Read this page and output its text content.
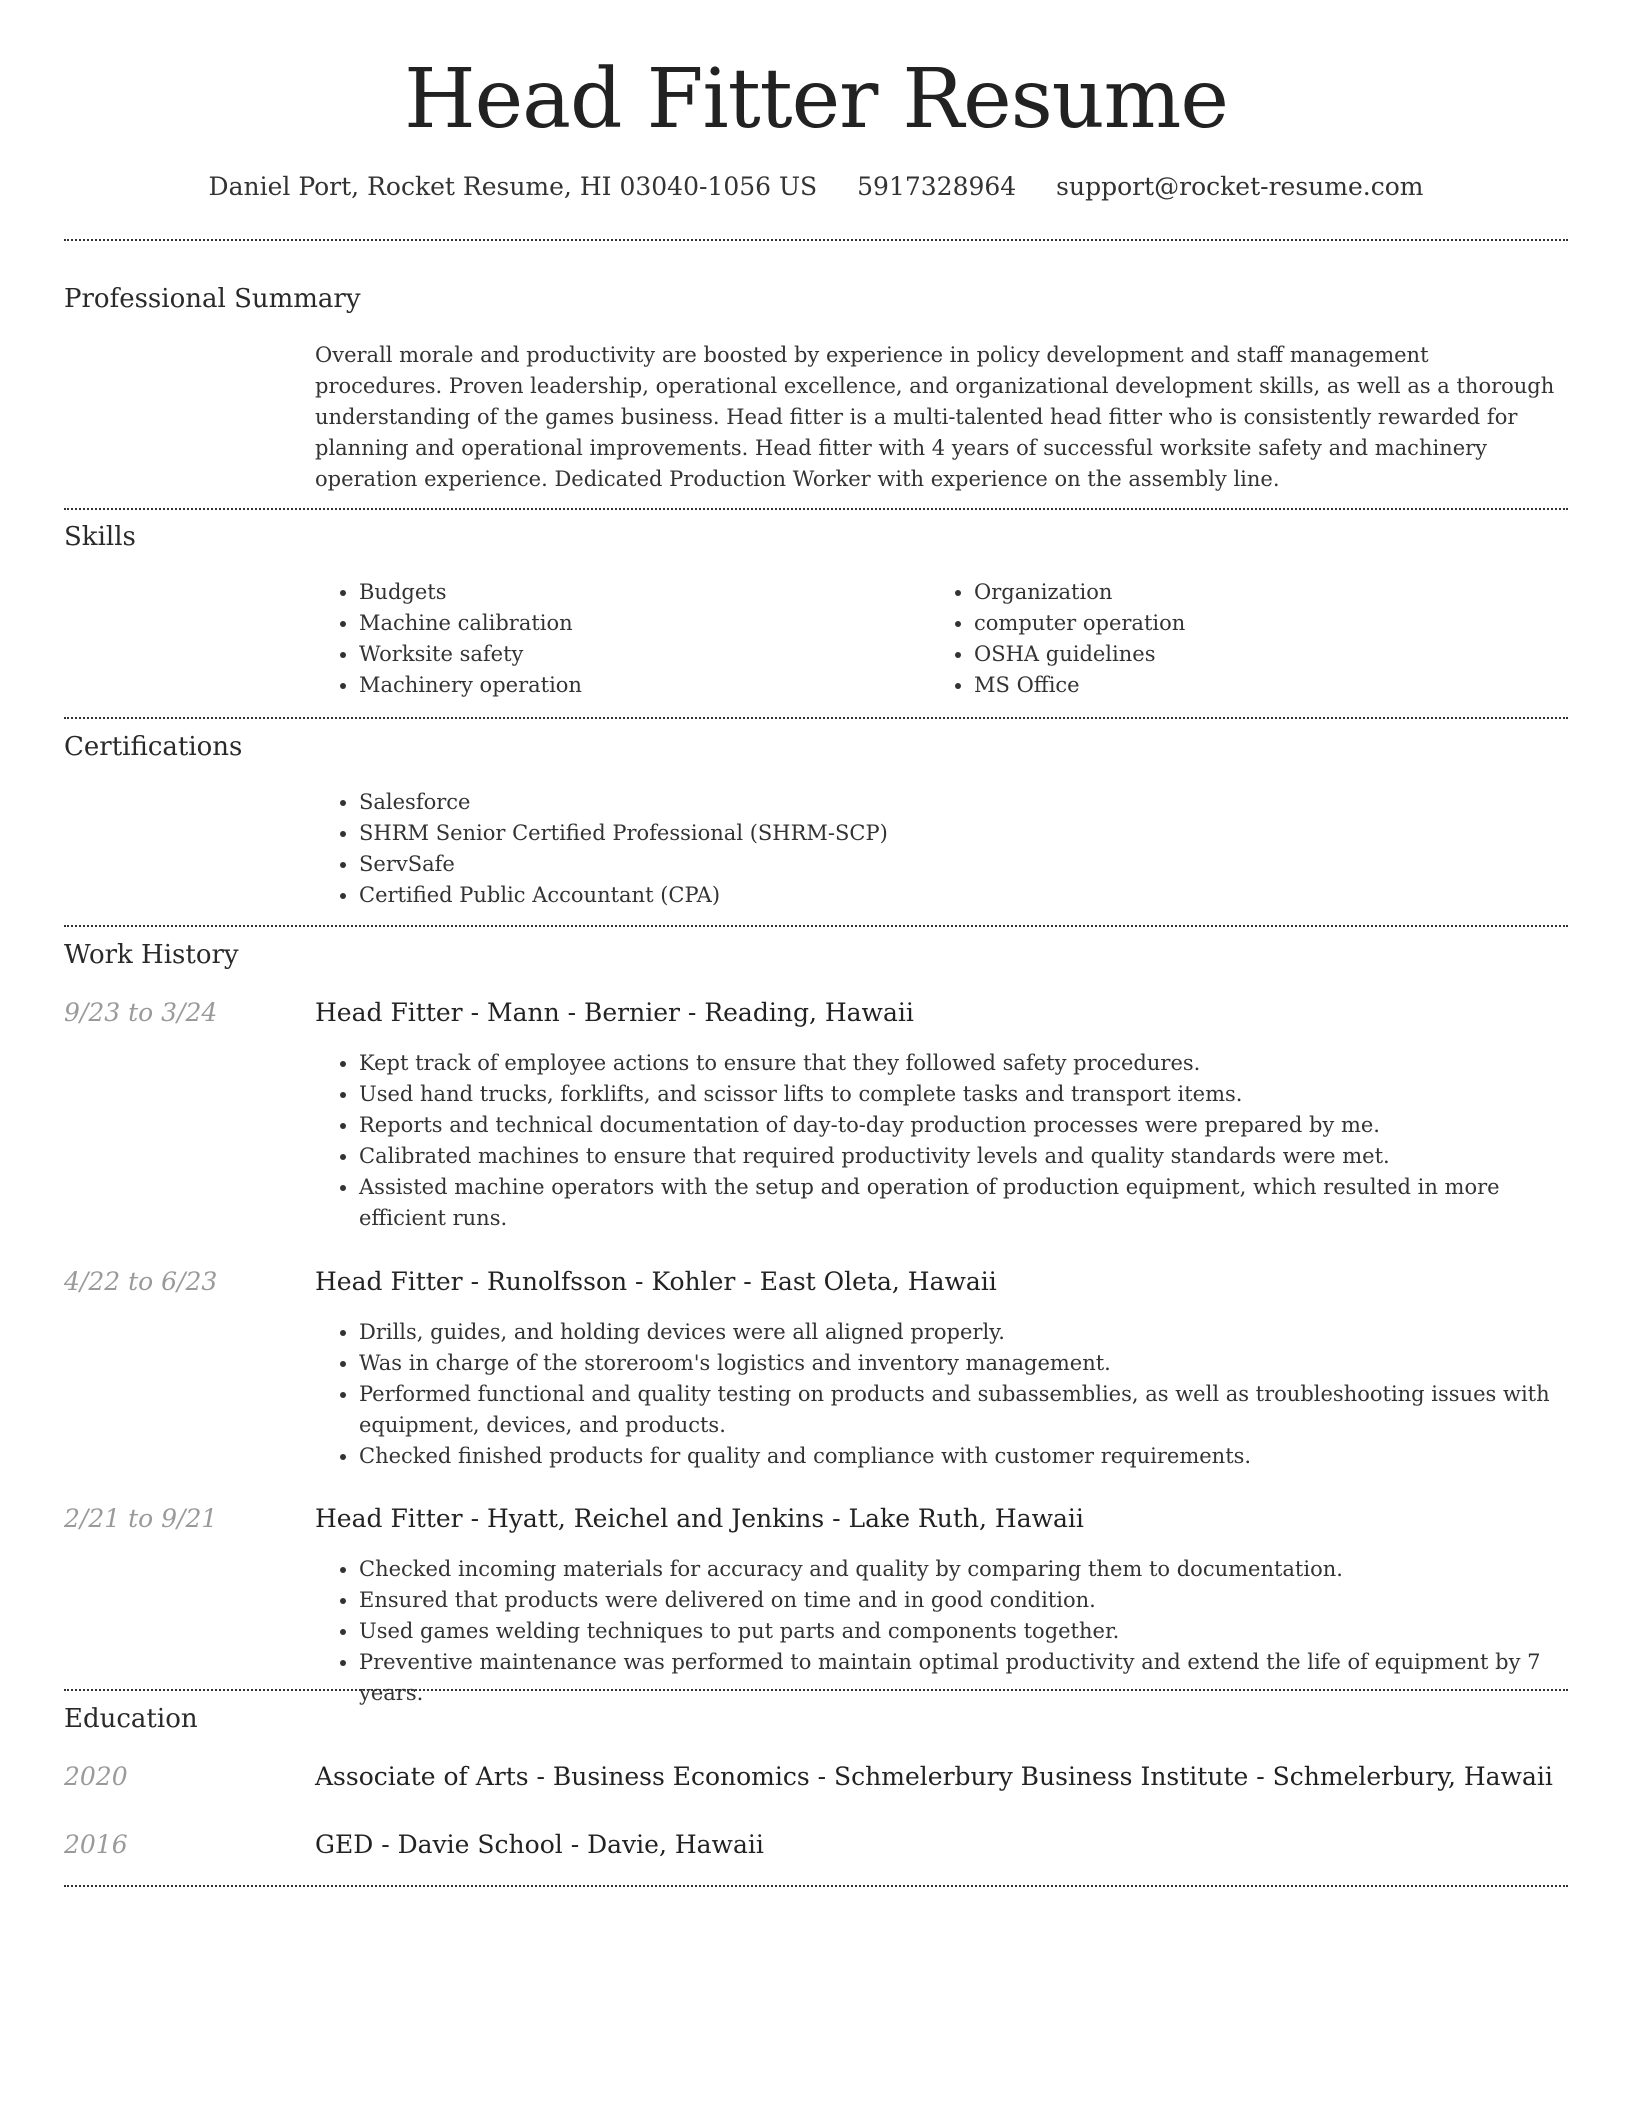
Head Fitter Resume
Daniel Port, Rocket Resume, HI 03040-1056 US 5917328964 support@rocket-resume.com
Professional Summary

Overall morale and productivity are boosted by experience in policy development and staff management procedures. Proven leadership, operational excellence, and organizational development skills, as well as a thorough understanding of the games business. Head fitter is a multi-talented head fitter who is consistently rewarded for planning and operational improvements. Head fitter with 4 years of successful worksite safety and machinery operation experience. Dedicated Production Worker with experience on the assembly line.

Skills
• Budgets
• Machine calibration
• Worksite safety
• Machinery operation
• Organization
• computer operation
• OSHA guidelines
• MS Office
Certifications
• Salesforce
• SHRM Senior Certified Professional (SHRM-SCP)
• ServSafe
• Certified Public Accountant (CPA)
Work History
9/23 to 3/24	Head Fitter - Mann - Bernier - Reading, Hawaii
• Kept track of employee actions to ensure that they followed safety procedures.
• Used hand trucks, forklifts, and scissor lifts to complete tasks and transport items.
• Reports and technical documentation of day-to-day production processes were prepared by me.
• Calibrated machines to ensure that required productivity levels and quality standards were met.
• Assisted machine operators with the setup and operation of production equipment, which resulted in more efficient runs.
4/22 to 6/23	Head Fitter - Runolfsson - Kohler - East Oleta, Hawaii
• Drills, guides, and holding devices were all aligned properly.
• Was in charge of the storeroom's logistics and inventory management.
• Performed functional and quality testing on products and subassemblies, as well as troubleshooting issues with equipment, devices, and products.
• Checked finished products for quality and compliance with customer requirements.
2/21 to 9/21	Head Fitter - Hyatt, Reichel and Jenkins - Lake Ruth, Hawaii
• Checked incoming materials for accuracy and quality by comparing them to documentation.
• Ensured that products were delivered on time and in good condition.
• Used games welding techniques to put parts and components together.
• Preventive maintenance was performed to maintain optimal productivity and extend the life of equipment by 7 years.
Education
2020	Associate of Arts - Business Economics - Schmelerbury Business Institute - Schmelerbury, Hawaii
2016	GED - Davie School - Davie, Hawaii
